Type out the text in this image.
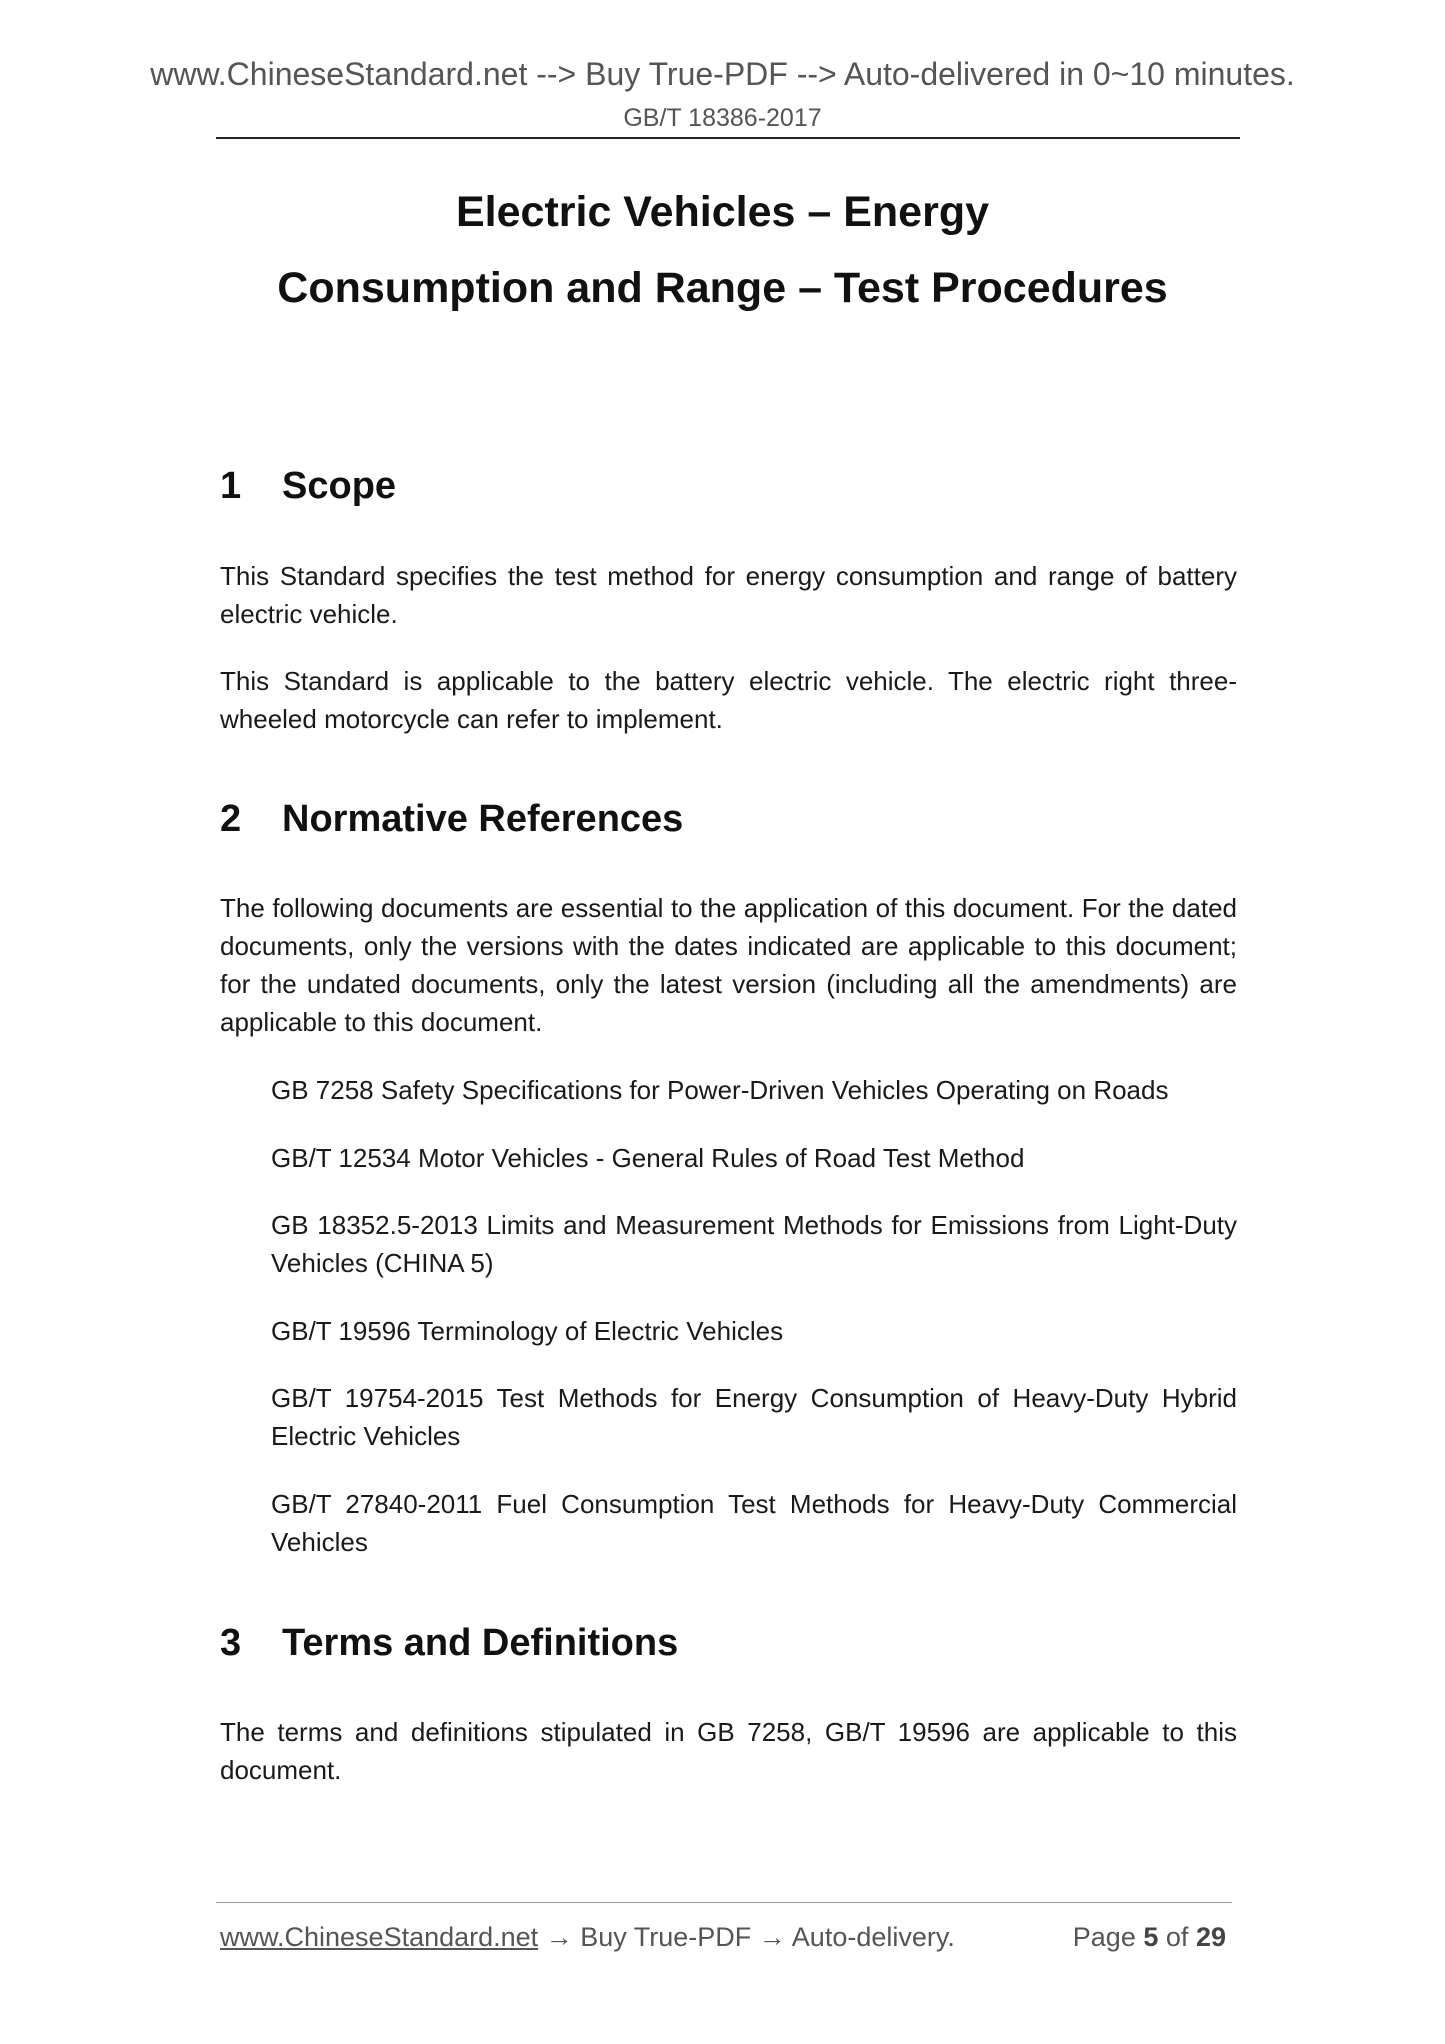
www.ChineseStandard.net --> Buy True-PDF --> Auto-delivered in 0~10 minutes.
GB/T 18386-2017
Electric Vehicles – Energy
Consumption and Range – Test Procedures
1 Scope
This Standard specifies the test method for energy consumption and range of battery electric vehicle.
This Standard is applicable to the battery electric vehicle. The electric right three-wheeled motorcycle can refer to implement.
2 Normative References
The following documents are essential to the application of this document. For the dated documents, only the versions with the dates indicated are applicable to this document; for the undated documents, only the latest version (including all the amendments) are applicable to this document.
GB 7258 Safety Specifications for Power-Driven Vehicles Operating on Roads
GB/T 12534 Motor Vehicles - General Rules of Road Test Method
GB 18352.5-2013 Limits and Measurement Methods for Emissions from Light-Duty Vehicles (CHINA 5)
GB/T 19596 Terminology of Electric Vehicles
GB/T 19754-2015 Test Methods for Energy Consumption of Heavy-Duty Hybrid Electric Vehicles
GB/T 27840-2011 Fuel Consumption Test Methods for Heavy-Duty Commercial Vehicles
3 Terms and Definitions
The terms and definitions stipulated in GB 7258, GB/T 19596 are applicable to this document.
www.ChineseStandard.net → Buy True-PDF → Auto-delivery.	Page 5 of 29
